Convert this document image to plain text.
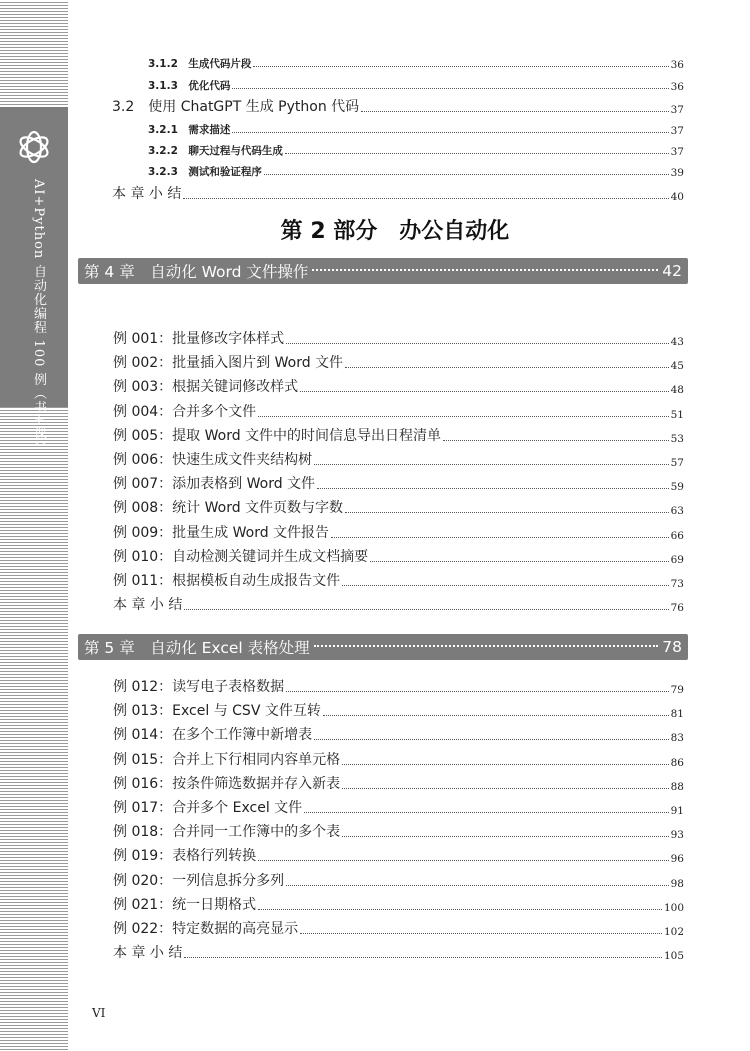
AI+Python 自动化编程 100 例（书+课）
3.1.2　生成代码片段	36
3.1.3　优化代码	36
3.2　使用 ChatGPT 生成 Python 代码	37
3.2.1　需求描述	37
3.2.2　聊天过程与代码生成	37
3.2.3　测试和验证程序	39
本 章 小 结	40
第 2 部分　办公自动化
第 4 章　自动化 Word 文件操作	42
例 001：批量修改字体样式	43
例 002：批量插入图片到 Word 文件	45
例 003：根据关键词修改样式	48
例 004：合并多个文件	51
例 005：提取 Word 文件中的时间信息导出日程清单	53
例 006：快速生成文件夹结构树	57
例 007：添加表格到 Word 文件	59
例 008：统计 Word 文件页数与字数	63
例 009：批量生成 Word 文件报告	66
例 010：自动检测关键词并生成文档摘要	69
例 011：根据模板自动生成报告文件	73
本 章 小 结	76
第 5 章　自动化 Excel 表格处理	78
例 012：读写电子表格数据	79
例 013：Excel 与 CSV 文件互转	81
例 014：在多个工作簿中新增表	83
例 015：合并上下行相同内容单元格	86
例 016：按条件筛选数据并存入新表	88
例 017：合并多个 Excel 文件	91
例 018：合并同一工作簿中的多个表	93
例 019：表格行列转换	96
例 020：一列信息拆分多列	98
例 021：统一日期格式	100
例 022：特定数据的高亮显示	102
本 章 小 结	105
VI
